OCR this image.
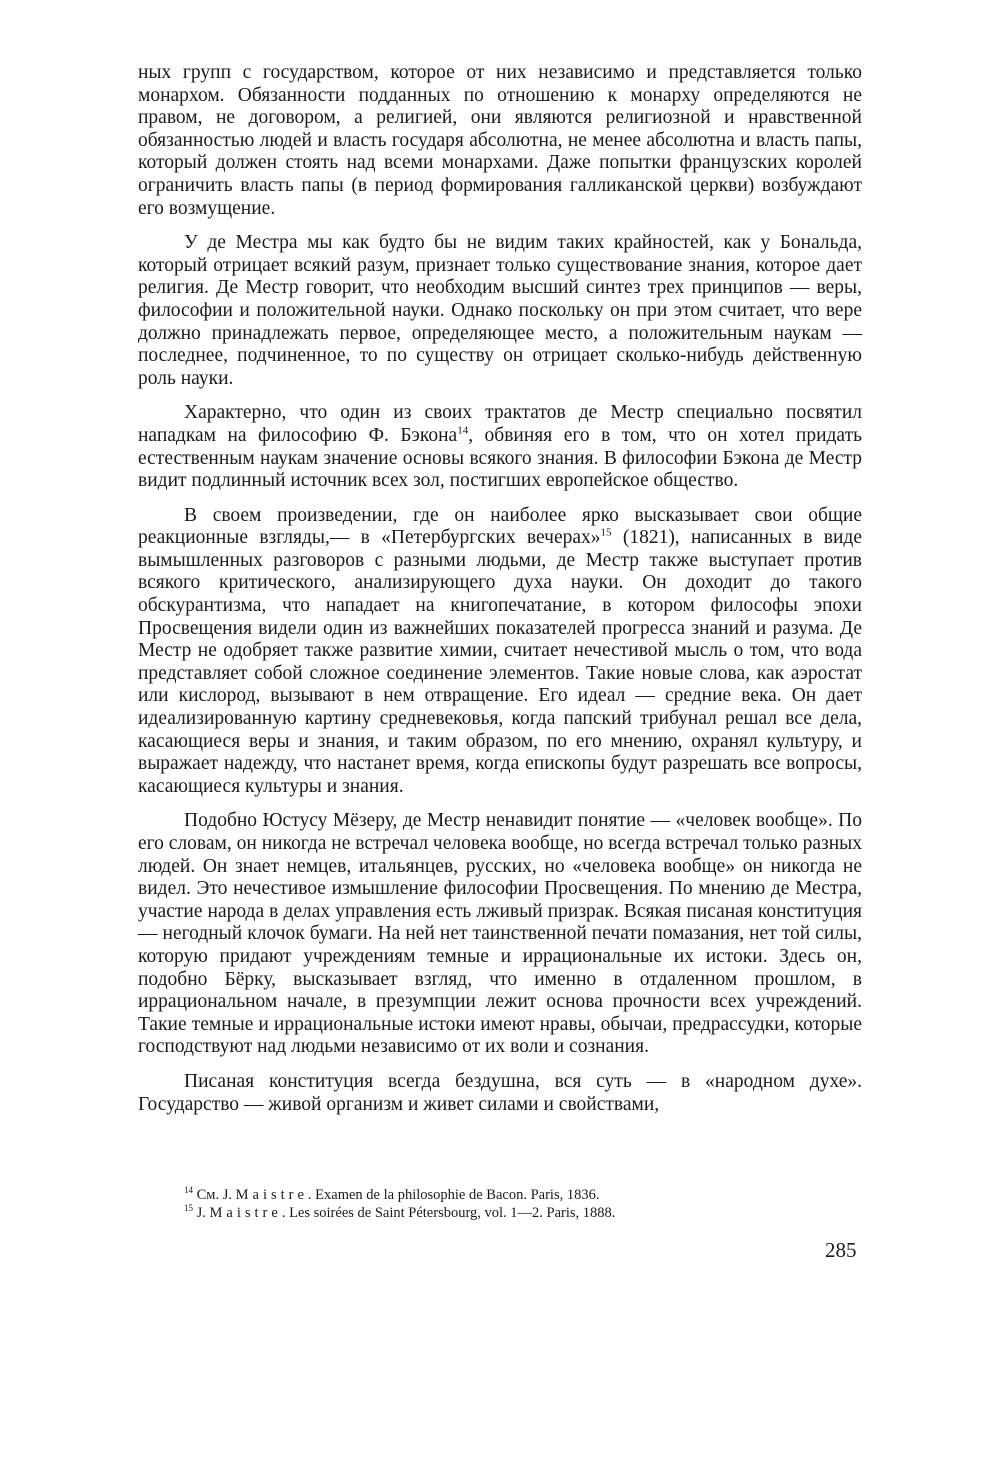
ных групп с государством, которое от них независимо и представляется только монархом. Обязанности подданных по отношению к монарху определяются не правом, не договором, а религией, они являются религиозной и нравственной обязанностью людей и власть государя абсолютна, не менее абсолютна и власть папы, который должен стоять над всеми монархами. Даже попытки французских королей ограничить власть папы (в период формирования галликанской церкви) возбуждают его возмущение.

У де Местра мы как будто бы не видим таких крайностей, как у Бональда, который отрицает всякий разум, признает только существование знания, которое дает религия. Де Местр говорит, что необходим высший синтез трех принципов — веры, философии и положительной науки. Однако поскольку он при этом считает, что вере должно принадлежать первое, определяющее место, а положительным наукам — последнее, подчиненное, то по существу он отрицает сколько-нибудь действенную роль науки.

Характерно, что один из своих трактатов де Местр специально посвятил нападкам на философию Ф. Бэкона$^{14}$, обвиняя его в том, что он хотел придать естественным наукам значение основы всякого знания. В философии Бэкона де Местр видит подлинный источник всех зол, постигших европейское общество.

В своем произведении, где он наиболее ярко высказывает свои общие реакционные взгляды,— в «Петербургских вечерах»$^{15}$ (1821), написанных в виде вымышленных разговоров с разными людьми, де Местр также выступает против всякого критического, анализирующего духа науки. Он доходит до такого обскурантизма, что нападает на книгопечатание, в котором философы эпохи Просвещения видели один из важнейших показателей прогресса знаний и разума. Де Местр не одобряет также развитие химии, считает нечестивой мысль о том, что вода представляет собой сложное соединение элементов. Такие новые слова, как аэростат или кислород, вызывают в нем отвращение. Его идеал — средние века. Он дает идеализированную картину средневековья, когда папский трибунал решал все дела, касающиеся веры и знания, и таким образом, по его мнению, охранял культуру, и выражает надежду, что настанет время, когда епископы будут разрешать все вопросы, касающиеся культуры и знания.

Подобно Юстусу Мёзеру, де Местр ненавидит понятие — «человек вообще». По его словам, он никогда не встречал человека вообще, но всегда встречал только разных людей. Он знает немцев, итальянцев, русских, но «человека вообще» он никогда не видел. Это нечестивое измышление философии Просвещения. По мнению де Местра, участие народа в делах управления есть лживый призрак. Всякая писаная конституция — негодный клочок бумаги. На ней нет таинственной печати помазания, нет той силы, которую придают учреждениям темные и иррациональные их истоки. Здесь он, подобно Бёрку, высказывает взгляд, что именно в отдаленном прошлом, в иррациональном начале, в презумпции лежит основа прочности всех учреждений. Такие темные и иррациональные истоки имеют нравы, обычаи, предрассудки, которые господствуют над людьми независимо от их воли и сознания.

Писаная конституция всегда бездушна, вся суть — в «народном духе». Государство — живой организм и живет силами и свойствами,

$^{14}$ См. J. Maistre. Examen de la philosophie de Bacon. Paris, 1836.

$^{15}$ J. Maistre. Les soirées de Saint Pétersbourg, vol. 1—2. Paris, 1888.

285
